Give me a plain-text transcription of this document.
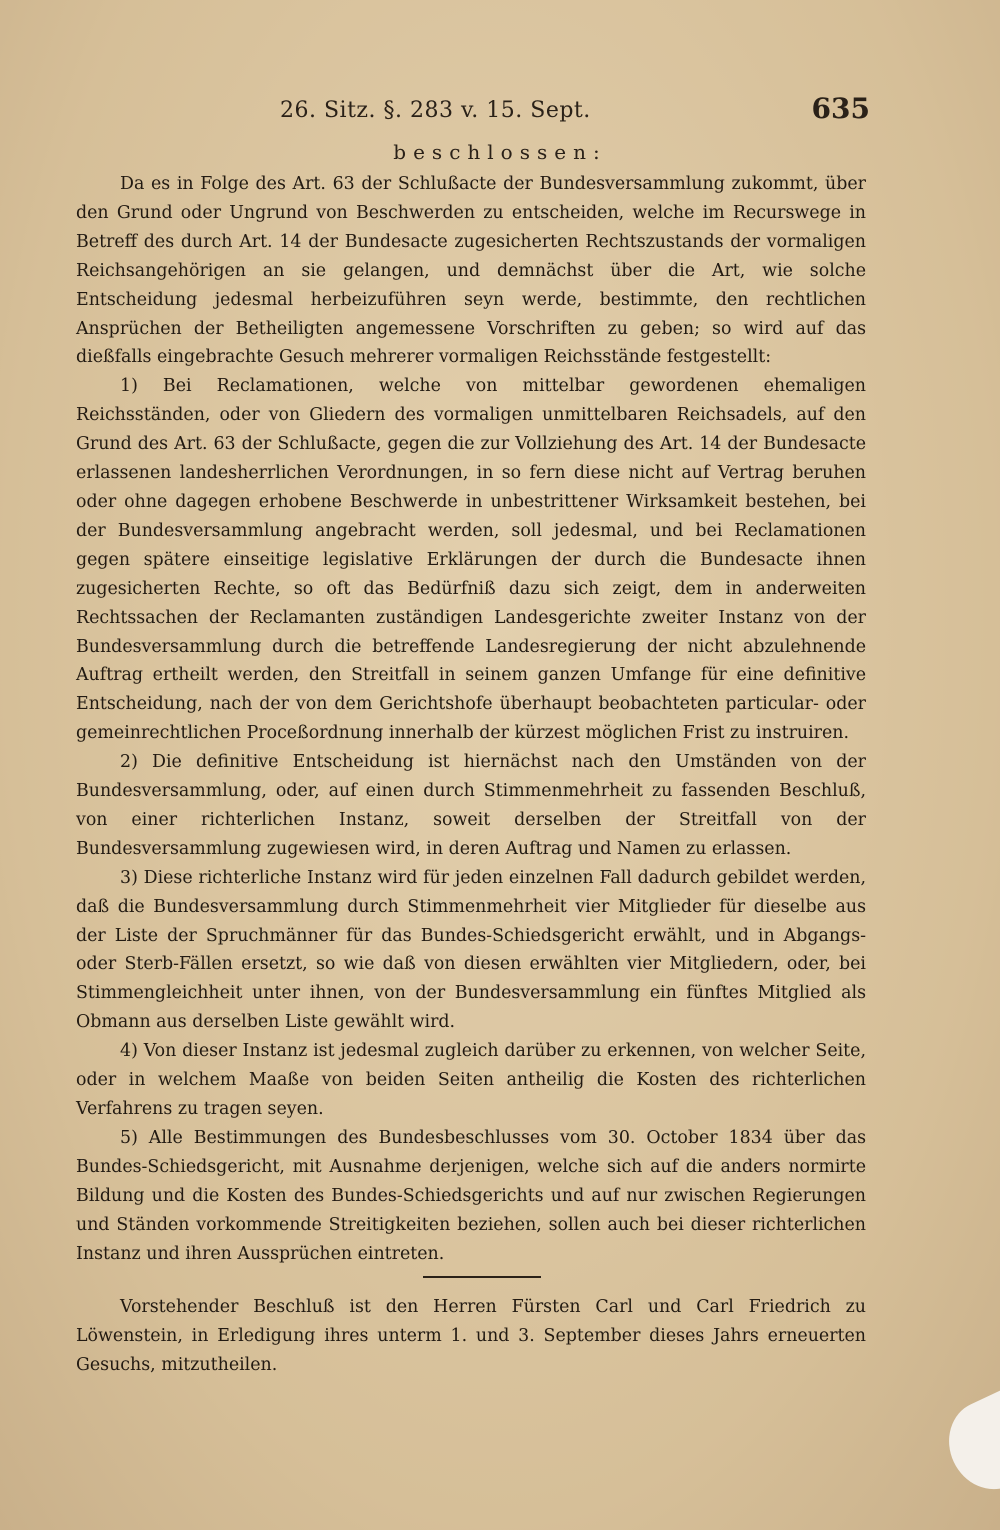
26. Sitz. §. 283 v. 15. Sept.	635
beschlossen:

Da es in Folge des Art. 63 der Schlußacte der Bundesversammlung zukommt, über den Grund oder Ungrund von Beschwerden zu entscheiden, welche im Recurswege in Betreff des durch Art. 14 der Bundesacte zugesicherten Rechtszustands der vormaligen Reichsangehörigen an sie gelangen, und demnächst über die Art, wie solche Entscheidung jedesmal herbeizuführen seyn werde, bestimmte, den rechtlichen Ansprüchen der Betheiligten angemessene Vorschriften zu geben; so wird auf das dießfalls eingebrachte Gesuch mehrerer vormaligen Reichsstände festgestellt:

1) Bei Reclamationen, welche von mittelbar gewordenen ehemaligen Reichsständen, oder von Gliedern des vormaligen unmittelbaren Reichsadels, auf den Grund des Art. 63 der Schlußacte, gegen die zur Vollziehung des Art. 14 der Bundesacte erlassenen landesherrlichen Verordnungen, in so fern diese nicht auf Vertrag beruhen oder ohne dagegen erhobene Beschwerde in unbestrittener Wirksamkeit bestehen, bei der Bundesversammlung angebracht werden, soll jedesmal, und bei Reclamationen gegen spätere einseitige legislative Erklärungen der durch die Bundesacte ihnen zugesicherten Rechte, so oft das Bedürfniß dazu sich zeigt, dem in anderweiten Rechtssachen der Reclamanten zuständigen Landesgerichte zweiter Instanz von der Bundesversammlung durch die betreffende Landesregierung der nicht abzulehnende Auftrag ertheilt werden, den Streitfall in seinem ganzen Umfange für eine definitive Entscheidung, nach der von dem Gerichtshofe überhaupt beobachteten particular- oder gemeinrechtlichen Proceßordnung innerhalb der kürzest möglichen Frist zu instruiren.

2) Die definitive Entscheidung ist hiernächst nach den Umständen von der Bundesversammlung, oder, auf einen durch Stimmenmehrheit zu fassenden Beschluß, von einer richterlichen Instanz, soweit derselben der Streitfall von der Bundesversammlung zugewiesen wird, in deren Auftrag und Namen zu erlassen.

3) Diese richterliche Instanz wird für jeden einzelnen Fall dadurch gebildet werden, daß die Bundesversammlung durch Stimmenmehrheit vier Mitglieder für dieselbe aus der Liste der Spruchmänner für das Bundes-Schiedsgericht erwählt, und in Abgangs- oder Sterb-Fällen ersetzt, so wie daß von diesen erwählten vier Mitgliedern, oder, bei Stimmengleichheit unter ihnen, von der Bundesversammlung ein fünftes Mitglied als Obmann aus derselben Liste gewählt wird.

4) Von dieser Instanz ist jedesmal zugleich darüber zu erkennen, von welcher Seite, oder in welchem Maaße von beiden Seiten antheilig die Kosten des richterlichen Verfahrens zu tragen seyen.

5) Alle Bestimmungen des Bundesbeschlusses vom 30. October 1834 über das Bundes-Schiedsgericht, mit Ausnahme derjenigen, welche sich auf die anders normirte Bildung und die Kosten des Bundes-Schiedsgerichts und auf nur zwischen Regierungen und Ständen vorkommende Streitigkeiten beziehen, sollen auch bei dieser richterlichen Instanz und ihren Aussprüchen eintreten.

Vorstehender Beschluß ist den Herren Fürsten Carl und Carl Friedrich zu Löwenstein, in Erledigung ihres unterm 1. und 3. September dieses Jahrs erneuerten Gesuchs, mitzutheilen.
